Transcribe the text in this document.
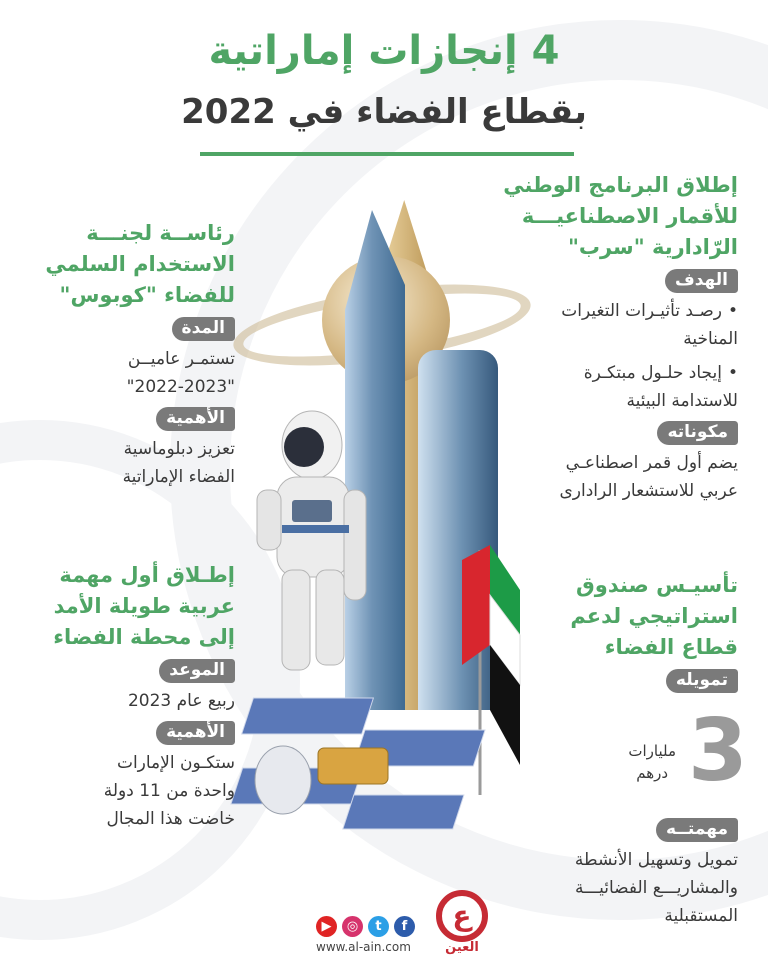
4 إنجازات إماراتية
بقطاع الفضاء في 2022
إطلاق البرنامج الوطني
للأقمار الاصطناعيـــة
الرّادارية "سرب"
الهدف
• رصـد تأثيـرات التغيرات
المناخية
• إيجاد حلـول مبتكـرة
للاستدامة البيئية
مكوناته
يضم أول قمر اصطناعـي
عربي للاستشعار الرادارى
تأسيـس صندوق
استراتيجي لدعم
قطاع الفضاء
تمويله
3
مليارات
درهم
مهمتــه
تمويل وتسهيل الأنشطة
والمشاريـــع الفضائيـــة
المستقبلية
رئاســة لجنـــة
الاستخدام السلمي
للفضاء "كوبوس"
المدة
تستمـر عاميــن
"2022-2023"
الأهمية
تعزيز دبلوماسية
الفضاء الإماراتية
إطـلاق أول مهمة
عربية طويلة الأمد
إلى محطة الفضاء
الموعد
ربيع عام 2023
الأهمية
ستكـون الإمارات
واحدة من 11 دولة
خاضت هذا المجال
▶	◎	t	f
www.al-ain.com
ع
العين
